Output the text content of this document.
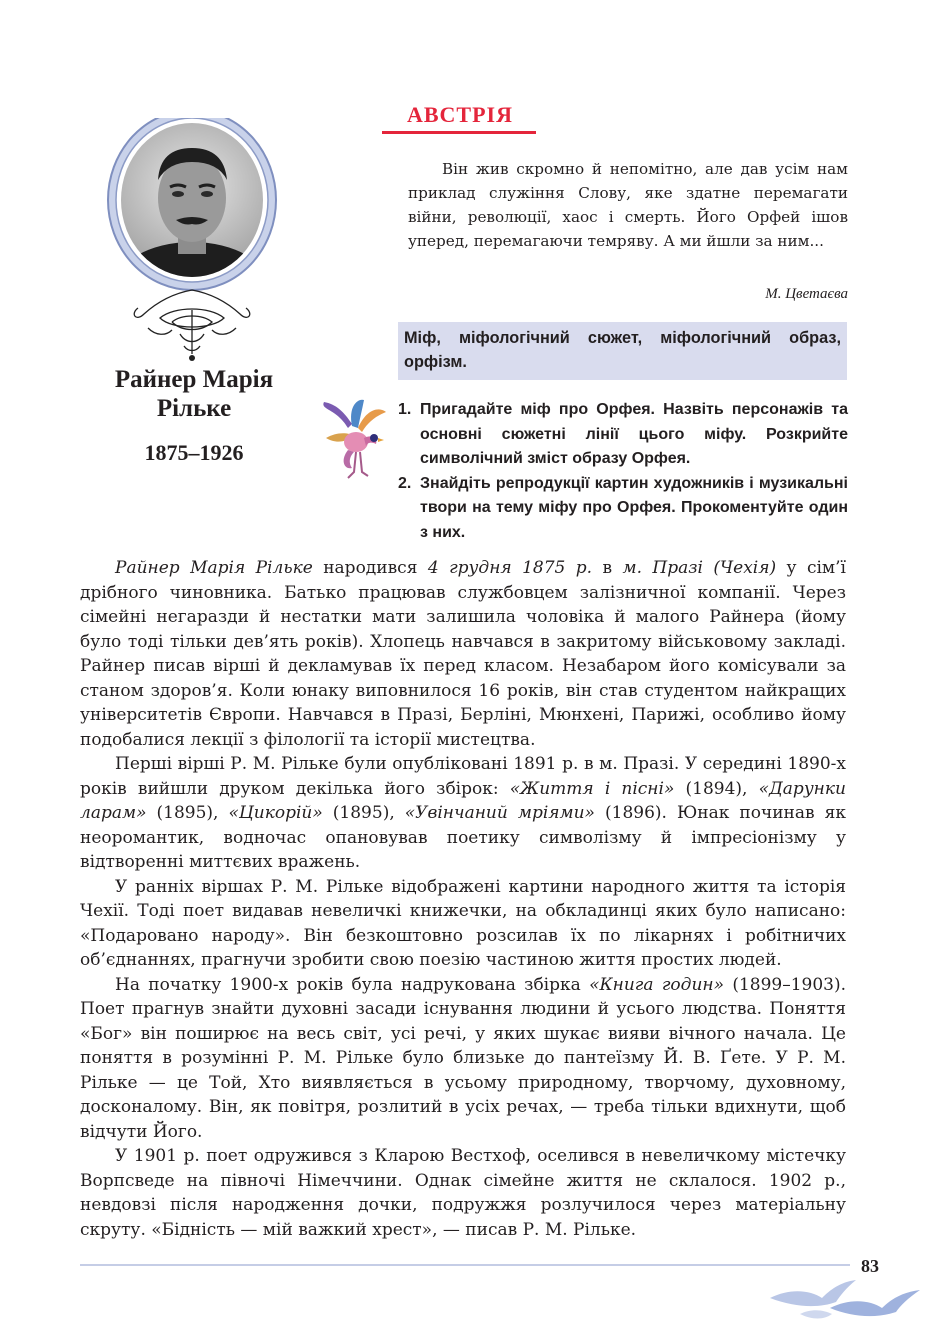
АВСТРІЯ
Райнер Марія Рільке
1875–1926
Він жив скромно й непомітно, але дав усім нам приклад служіння Слову, яке здатне перемагати війни, революції, хаос і смерть. Його Орфей ішов уперед, перемагаючи темряву. А ми йшли за ним...
М. Цветаєва
Міф, міфологічний сюжет, міфологічний образ, орфізм.
1. Пригадайте міф про Орфея. Назвіть персонажів та основні сюжетні лінії цього міфу. Розкрийте символічний зміст образу Орфея.
2. Знайдіть репродукції картин художників і музикальні твори на тему міфу про Орфея. Прокоментуйте один з них.

Райнер Марія Рільке народився 4 грудня 1875 р. в м. Празі (Чехія) у сім’ї дрібного чиновника. Батько працював службовцем залізничної компанії. Через сімейні негаразди й нестатки мати залишила чоловіка й малого Райнера (йому було тоді тільки дев’ять років). Хлопець навчався в закритому військовому закладі. Райнер писав вірші й декламував їх перед класом. Незабаром його комісували за станом здоров’я. Коли юнаку виповнилося 16 років, він став студентом найкращих університетів Європи. Навчався в Празі, Берліні, Мюнхені, Парижі, особливо йому подобалися лекції з філології та історії мистецтва.

Перші вірші Р. М. Рільке були опубліковані 1891 р. в м. Празі. У середині 1890-х років вийшли друком декілька його збірок: «Життя і пісні» (1894), «Дарунки ларам» (1895), «Цикорій» (1895), «Увінчаний мріями» (1896). Юнак починав як неоромантик, водночас опановував поетику символізму й імпресіонізму у відтворенні миттєвих вражень.

У ранніх віршах Р. М. Рільке відображені картини народного життя та історія Чехії. Тоді поет видавав невеличкі книжечки, на обкладинці яких було написано: «Подаровано народу». Він безкоштовно розсилав їх по лікарнях і робітничих об’єднаннях, прагнучи зробити свою поезію частиною життя простих людей.

На початку 1900-х років була надрукована збірка «Книга годин» (1899–1903). Поет прагнув знайти духовні засади існування людини й усього людства. Поняття «Бог» він поширює на весь світ, усі речі, у яких шукає вияви вічного начала. Це поняття в розумінні Р. М. Рільке було близьке до пантеїзму Й. В. Ґете. У Р. М. Рільке — це Той, Хто виявляється в усьому природному, творчому, духовному, досконалому. Він, як повітря, розлитий в усіх речах, — треба тільки вдихнути, щоб відчути Його.

У 1901 р. поет одружився з Кларою Вестхоф, оселився в невеличкому містечку Ворпсведе на півночі Німеччини. Однак сімейне життя не склалося. 1902 р., невдовзі після народження дочки, подружжя розлучилося через матеріальну скруту. «Бідність — мій важкий хрест», — писав Р. М. Рільке.

83
